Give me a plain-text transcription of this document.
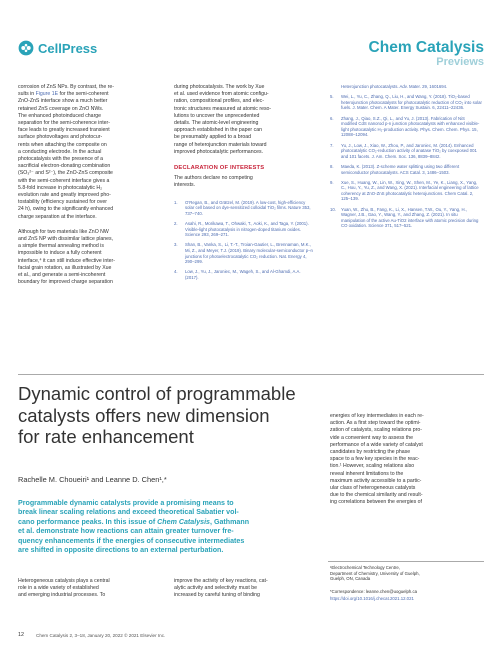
CellPress	Chem Catalysis
Previews
corrosion of ZnS NPs. By contrast, the re-
sults in Figure 1E for the semi-coherent
ZnO-ZnS interface show a much better
retained ZnS coverage on ZnO NWs.
The enhanced photoinduced charge
separation for the semi-coherence inter-
face leads to greatly increased transient
surface photovoltages and photocur-
rents when attaching the composite on
a conducting electrode. In the actual
photocatalysis with the presence of a
sacrificial electron-donating combination
(SO₃²⁻ and S²⁻), the ZnO-ZnS composite
with the semi-coherent interface gives a
5.8-fold increase in photocatalytic H₂
evolution rate and greatly improved pho-
tostability (efficiency sustained for over
24 h), owing to the significantly enhanced
charge separation at the interface.
Although for two materials like ZnO NW
and ZnS NP with dissimilar lattice planes,
a simple thermal annealing method is
impossible to induce a fully coherent
interface,⁴ it can still induce effective inter-
facial grain rotation, as illustrated by Xue
et al., and generate a semi-incoherent
boundary for improved charge separation
during photocatalysis. The work by Xue
et al. used evidence from atomic configu-
ration, compositional profiles, and elec-
tronic structures measured at atomic reso-
lutions to uncover the unprecedented
details. The atomic-level engineering
approach established in the paper can
be presumably applied to a broad
range of heterojunction materials toward
improved photocatalytic performances.
DECLARATION OF INTERESTS
The authors declare no competing
interests.
1. O’Regan, B., and Grätzel, M. (2019). A low-cost, high-efficiency solar cell based on dye-sensitized colloidal TiO₂ films. Nature 353, 737–740.
2. Asahi, R., Morikawa, T., Ohwaki, T., Aoki, K., and Taga, Y. (2001). Visible-light photocatalysis in nitrogen-doped titanium oxides. Science 293, 269–271.
3. Shan, B., Vanka, S., Li, T.-T., Troian-Gautier, L., Brennaman, M.K., Mi, Z., and Meyer, T.J. (2019). Binary molecular-semiconductor p–n junctions for photoelectrocatalytic CO₂ reduction. Nat. Energy 4, 290–299.
4. Low, J., Yu, J., Jaroniec, M., Wageh, S., and Al-Ghamdi, A.A. (2017).
Heterojunction photocatalysts. Adv. Mater. 29, 1601694.
5. Wei, L., Yu, C., Zhang, Q., Liu, H., and Wang, Y. (2018). TiO₂-based heterojunction photocatalysts for photocatalytic reduction of CO₂ into solar fuels. J. Mater. Chem. A Mater. Energy Sustain. 6, 22411–22436.
6. Zhang, J., Qiao, S.Z., Qi, L., and Yu, J. (2013). Fabrication of NiS modified CdS nanorod p-n junction photocatalysts with enhanced visible-light photocatalytic H₂-production activity. Phys. Chem. Chem. Phys. 15, 12088–12094.
7. Yu, J., Low, J., Xiao, W., Zhou, P., and Jaroniec, M. (2014). Enhanced photocatalytic CO₂-reduction activity of anatase TiO₂ by coexposed 001 and 101 facets. J. Am. Chem. Soc. 136, 8839–8842.
8. Maeda, K. (2013). Z-scheme water splitting using two different semiconductor photocatalysts. ACS Catal. 3, 1486–1503.
9. Xue, S., Huang, W., Lin, W., Xing, W., Shen, M., Ye, K., Liang, X., Yang, C., Hou, Y., Yu, Z., and Wang, X. (2021). Interfacial engineering of lattice coherency at ZnO-ZnS photocatalytic heterojunctions. Chem Catal. 2, 125–139.
10. Yuan, W., Zhu, B., Fang, K., Li, X., Hansen, T.W., Ou, Y., Yang, H., Wagner, J.B., Gao, Y., Wang, Y., and Zhang, Z. (2021). In situ manipulation of the active Au-TiO2 interface with atomic precision during CO oxidation. Science 371, 517–521.
Dynamic control of programmable
catalysts offers new dimension
for rate enhancement
Rachelle M. Choueiri¹ and Leanne D. Chen¹,*
Programmable dynamic catalysts provide a promising means to
break linear scaling relations and exceed theoretical Sabatier vol-
cano performance peaks. In this issue of Chem Catalysis, Gathmann
et al. demonstrate how reactions can attain greater turnover fre-
quency enhancements if the energies of consecutive intermediates
are shifted in opposite directions to an external perturbation.
energies of key intermediates in each re-
action. As a first step toward the optimi-
zation of catalysts, scaling relations pro-
vide a convenient way to assess the
performance of a wide variety of catalyst
candidates by restricting the phase
space to a few key species in the reac-
tion.¹ However, scaling relations also
reveal inherent limitations to the
maximum activity accessible to a partic-
ular class of heterogeneous catalysts
due to the chemical similarity and result-
ing correlations between the energies of
Heterogeneous catalysis plays a central
role in a wide variety of established
and emerging industrial processes. To
improve the activity of key reactions, cat-
alytic activity and selectivity must be
increased by careful tuning of binding
¹Electrochemical Technology Centre,
Department of Chemistry, University of Guelph,
Guelph, ON, Canada
*Correspondence: leanne.chen@uoguelph.ca
https://doi.org/10.1016/j.checat.2021.12.021
12	Chem Catalysis 2, 3–18, January 20, 2022 © 2021 Elsevier Inc.
